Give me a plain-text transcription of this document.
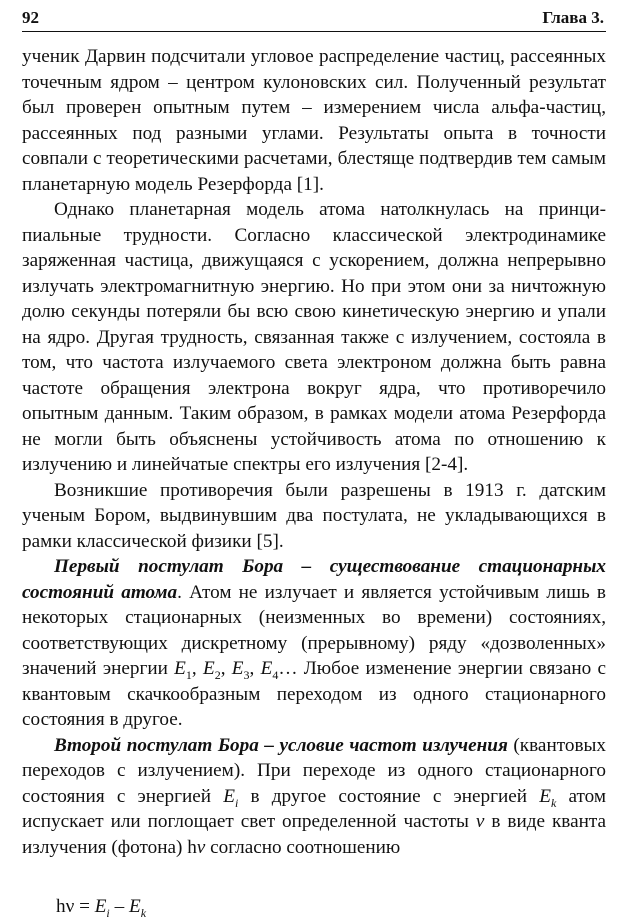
92	Глава 3.

ученик Дарвин подсчитали угловое распределение частиц, рассеянных точечным ядром – центром кулоновских сил. Полученный результат был проверен опытным путем – измерением числа альфа-частиц, рассеянных под разными углами. Результаты опыта в точности совпали с теоретическими расчетами, блестяще подтвердив тем самым планетарную модель Резерфорда [1].

Однако планетарная модель атома натолкнулась на принципиальные трудности. Согласно классической электродинамике заряженная частица, движущаяся с ускорением, должна непрерывно излучать электромагнитную энергию. Но при этом они за ничтожную долю секунды потеряли бы всю свою кинетическую энергию и упали на ядро. Другая трудность, связанная также с излучением, состояла в том, что частота излучаемого света электроном должна быть равна частоте обращения электрона вокруг ядра, что противоречило опытным данным. Таким образом, в рамках модели атома Резерфорда не могли быть объяснены устойчивость атома по отношению к излучению и линейчатые спектры его излучения [2-4].

Возникшие противоречия были разрешены в 1913 г. датским ученым Бором, выдвинувшим два постулата, не укладывающихся в рамки классической физики [5].

Первый постулат Бора – существование стационарных состояний атома. Атом не излучает и является устойчивым лишь в некоторых стационарных (неизменных во времени) состояниях, соответствующих дискретному (прерывному) ряду «дозволенных» значений энергии $E_1$, $E_2$, $E_3$, $E_4\dots$ Любое изменение энергии связано с квантовым скачкообразным переходом из одного стационарного состояния в другое.

Второй постулат Бора – условие частот излучения (квантовых переходов с излучением). При переходе из одного стационарного состояния с энергией $E_i$ в другое состояние с энергией $E_k$ атом испускает или поглощает свет определенной частоты ν в виде кванта излучения (фотона) hν согласно соотношению

$h\nu = E_i - E_k$
